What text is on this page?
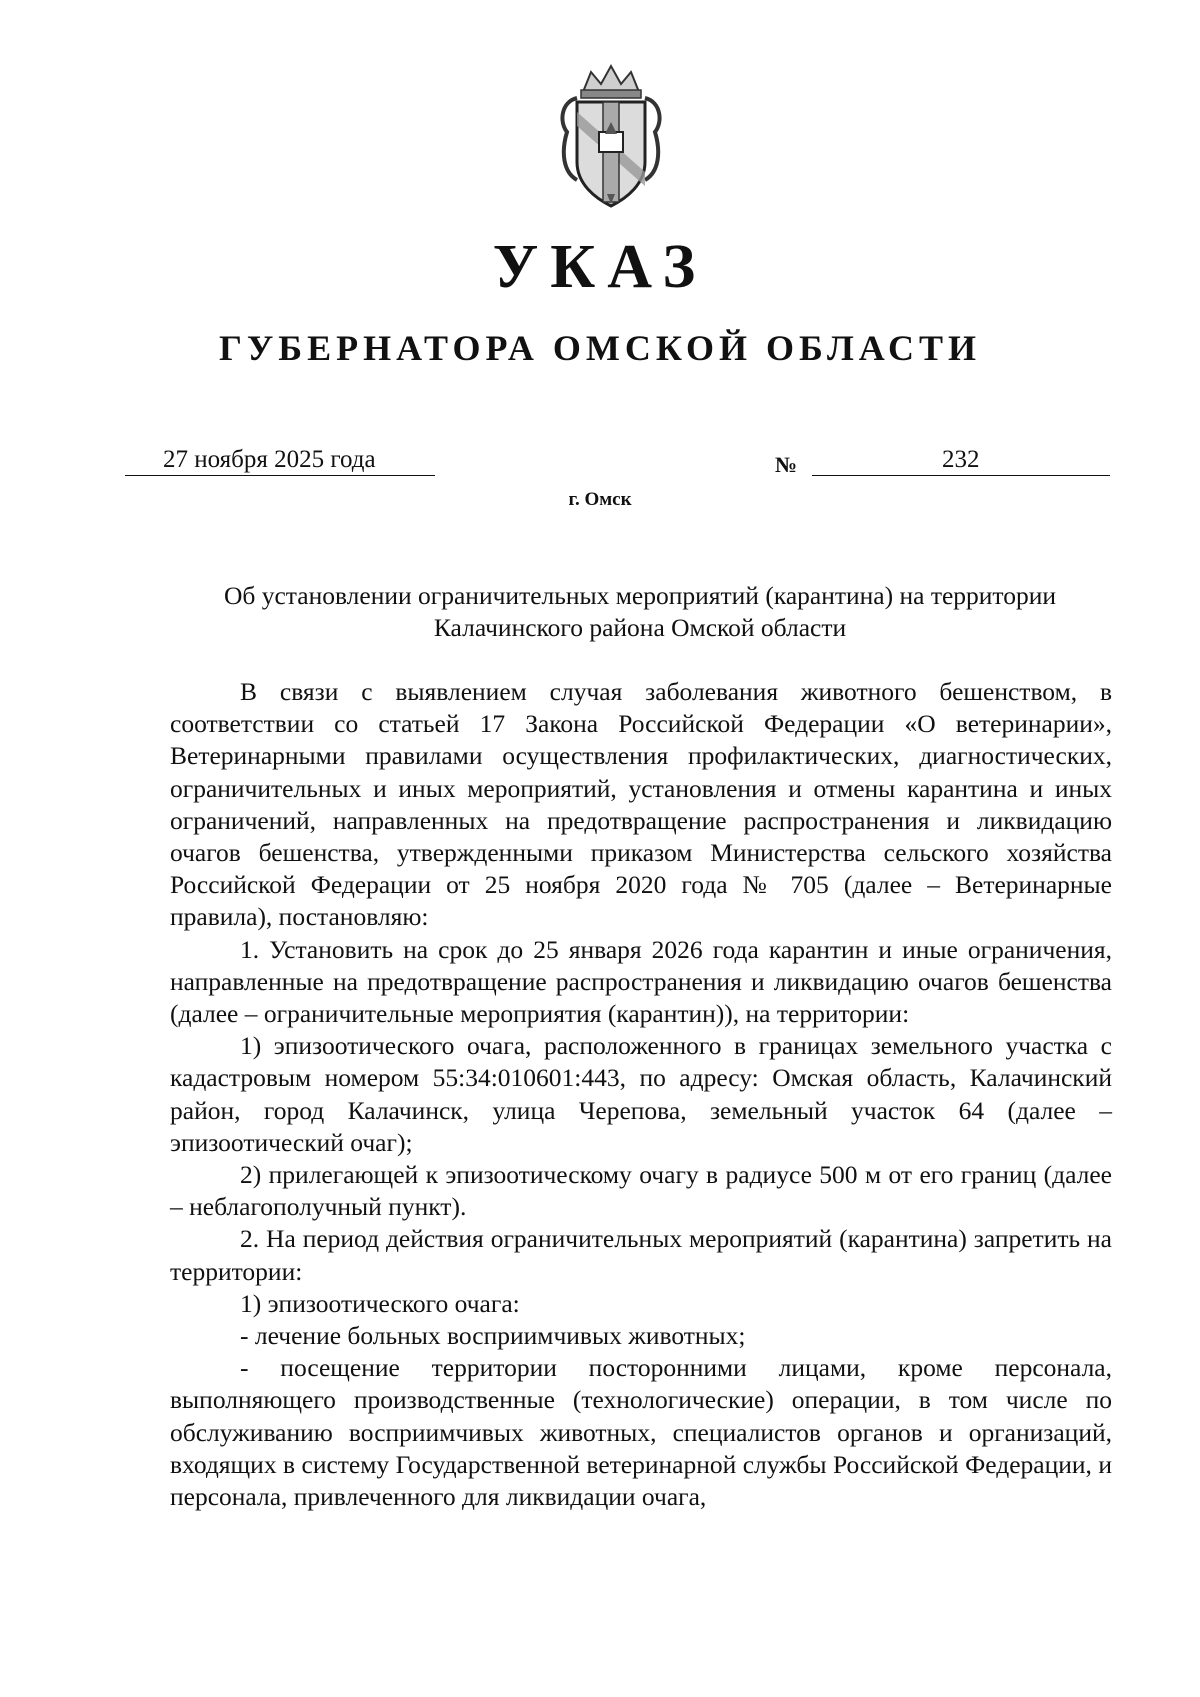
УКАЗ
ГУБЕРНАТОРА ОМСКОЙ ОБЛАСТИ
27 ноября 2025 года	№	232
г. Омск
Об установлении ограничительных мероприятий (карантина) на территории
Калачинского района Омской области

В связи с выявлением случая заболевания животного бешенством, в соответствии со статьей 17 Закона Российской Федерации «О ветеринарии», Ветеринарными правилами осуществления профилактических, диагностических, ограничительных и иных мероприятий, установления и отмены карантина и иных ограничений, направленных на предотвращение распространения и ликвидацию очагов бешенства, утвержденными приказом Министерства сельского хозяйства Российской Федерации от 25 ноября 2020 года № 705 (далее – Ветеринарные правила), постановляю:

1. Установить на срок до 25 января 2026 года карантин и иные ограничения, направленные на предотвращение распространения и ликвидацию очагов бешенства (далее – ограничительные мероприятия (карантин)), на территории:

1) эпизоотического очага, расположенного в границах земельного участка с кадастровым номером 55:34:010601:443, по адресу: Омская область, Калачинский район, город Калачинск, улица Черепова, земельный участок 64 (далее – эпизоотический очаг);

2) прилегающей к эпизоотическому очагу в радиусе 500 м от его границ (далее – неблагополучный пункт).

2. На период действия ограничительных мероприятий (карантина) запретить на территории:

1) эпизоотического очага:

- лечение больных восприимчивых животных;

- посещение территории посторонними лицами, кроме персонала, выполняющего производственные (технологические) операции, в том числе по обслуживанию восприимчивых животных, специалистов органов и организаций, входящих в систему Государственной ветеринарной службы Российской Федерации, и персонала, привлеченного для ликвидации очага,
